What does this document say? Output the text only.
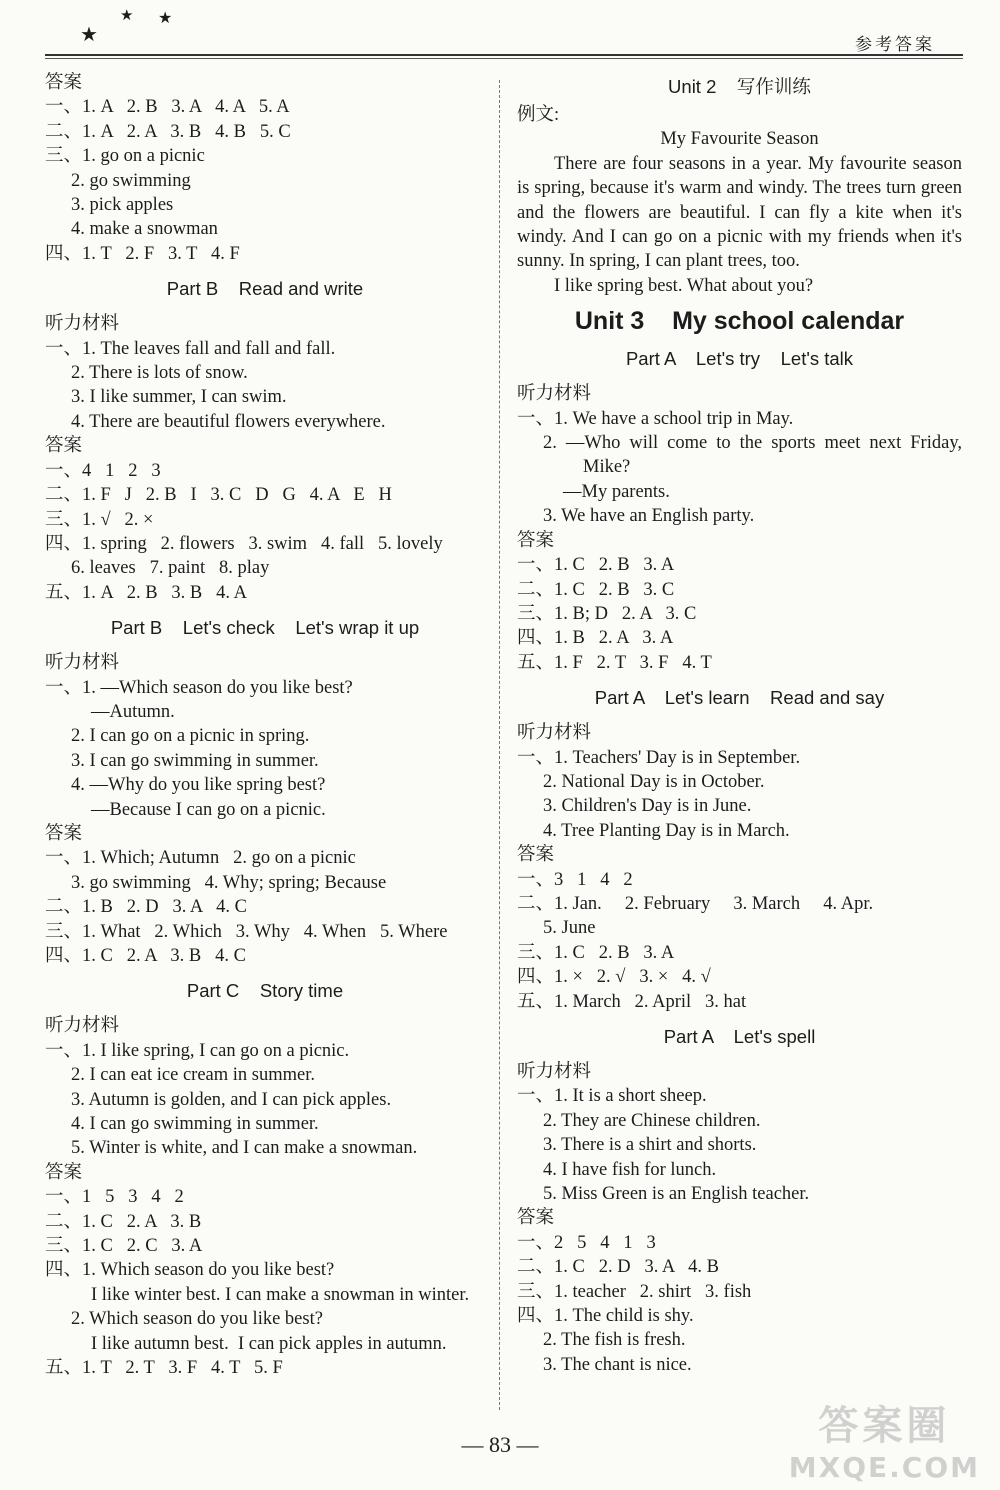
★
★ ★
参考答案
答案
一、1. A   2. B   3. A   4. A   5. A
二、1. A   2. A   3. B   4. B   5. C
三、1. go on a picnic
2. go swimming
3. pick apples
4. make a snowman
四、1. T   2. F   3. T   4. F
Part B    Read and write
听力材料
一、1. The leaves fall and fall and fall.
2. There is lots of snow.
3. I like summer, I can swim.
4. There are beautiful flowers everywhere.
答案
一、4   1   2   3
二、1. F   J   2. B   I   3. C   D   G   4. A   E   H
三、1. √   2. ×
四、1. spring   2. flowers   3. swim   4. fall   5. lovely
6. leaves   7. paint   8. play
五、1. A   2. B   3. B   4. A
Part B    Let's check    Let's wrap it up
听力材料
一、1. —Which season do you like best?
—Autumn.
2. I can go on a picnic in spring.
3. I can go swimming in summer.
4. —Why do you like spring best?
—Because I can go on a picnic.
答案
一、1. Which; Autumn   2. go on a picnic
3. go swimming   4. Why; spring; Because
二、1. B   2. D   3. A   4. C
三、1. What   2. Which   3. Why   4. When   5. Where
四、1. C   2. A   3. B   4. C
Part C    Story time
听力材料
一、1. I like spring, I can go on a picnic.
2. I can eat ice cream in summer.
3. Autumn is golden, and I can pick apples.
4. I can go swimming in summer.
5. Winter is white, and I can make a snowman.
答案
一、1   5   3   4   2
二、1. C   2. A   3. B
三、1. C   2. C   3. A
四、1. Which season do you like best?
I like winter best. I can make a snowman in winter.
2. Which season do you like best?
I like autumn best.  I can pick apples in autumn.
五、1. T   2. T   3. F   4. T   5. F
Unit 2    写作训练
例文:
My Favourite Season
There are four seasons in a year. My favourite season is spring, because it's warm and windy. The trees turn green and the flowers are beautiful. I can fly a kite when it's windy. And I can go on a picnic with my friends when it's sunny. In spring, I can plant trees, too.
I like spring best. What about you?
Unit 3    My school calendar
Part A    Let's try    Let's talk
听力材料
一、1. We have a school trip in May.
2. —Who will come to the sports meet next Friday, Mike?
—My parents.
3. We have an English party.
答案
一、1. C   2. B   3. A
二、1. C   2. B   3. C
三、1. B; D   2. A   3. C
四、1. B   2. A   3. A
五、1. F   2. T   3. F   4. T
Part A    Let's learn    Read and say
听力材料
一、1. Teachers' Day is in September.
2. National Day is in October.
3. Children's Day is in June.
4. Tree Planting Day is in March.
答案
一、3   1   4   2
二、1. Jan.     2. February     3. March     4. Apr.
5. June
三、1. C   2. B   3. A
四、1. ×   2. √   3. ×   4. √
五、1. March   2. April   3. hat
Part A    Let's spell
听力材料
一、1. It is a short sheep.
2. They are Chinese children.
3. There is a shirt and shorts.
4. I have fish for lunch.
5. Miss Green is an English teacher.
答案
一、2   5   4   1   3
二、1. C   2. D   3. A   4. B
三、1. teacher   2. shirt   3. fish
四、1. The child is shy.
2. The fish is fresh.
3. The chant is nice.
— 83 —	答案圈
MXQE.COM
